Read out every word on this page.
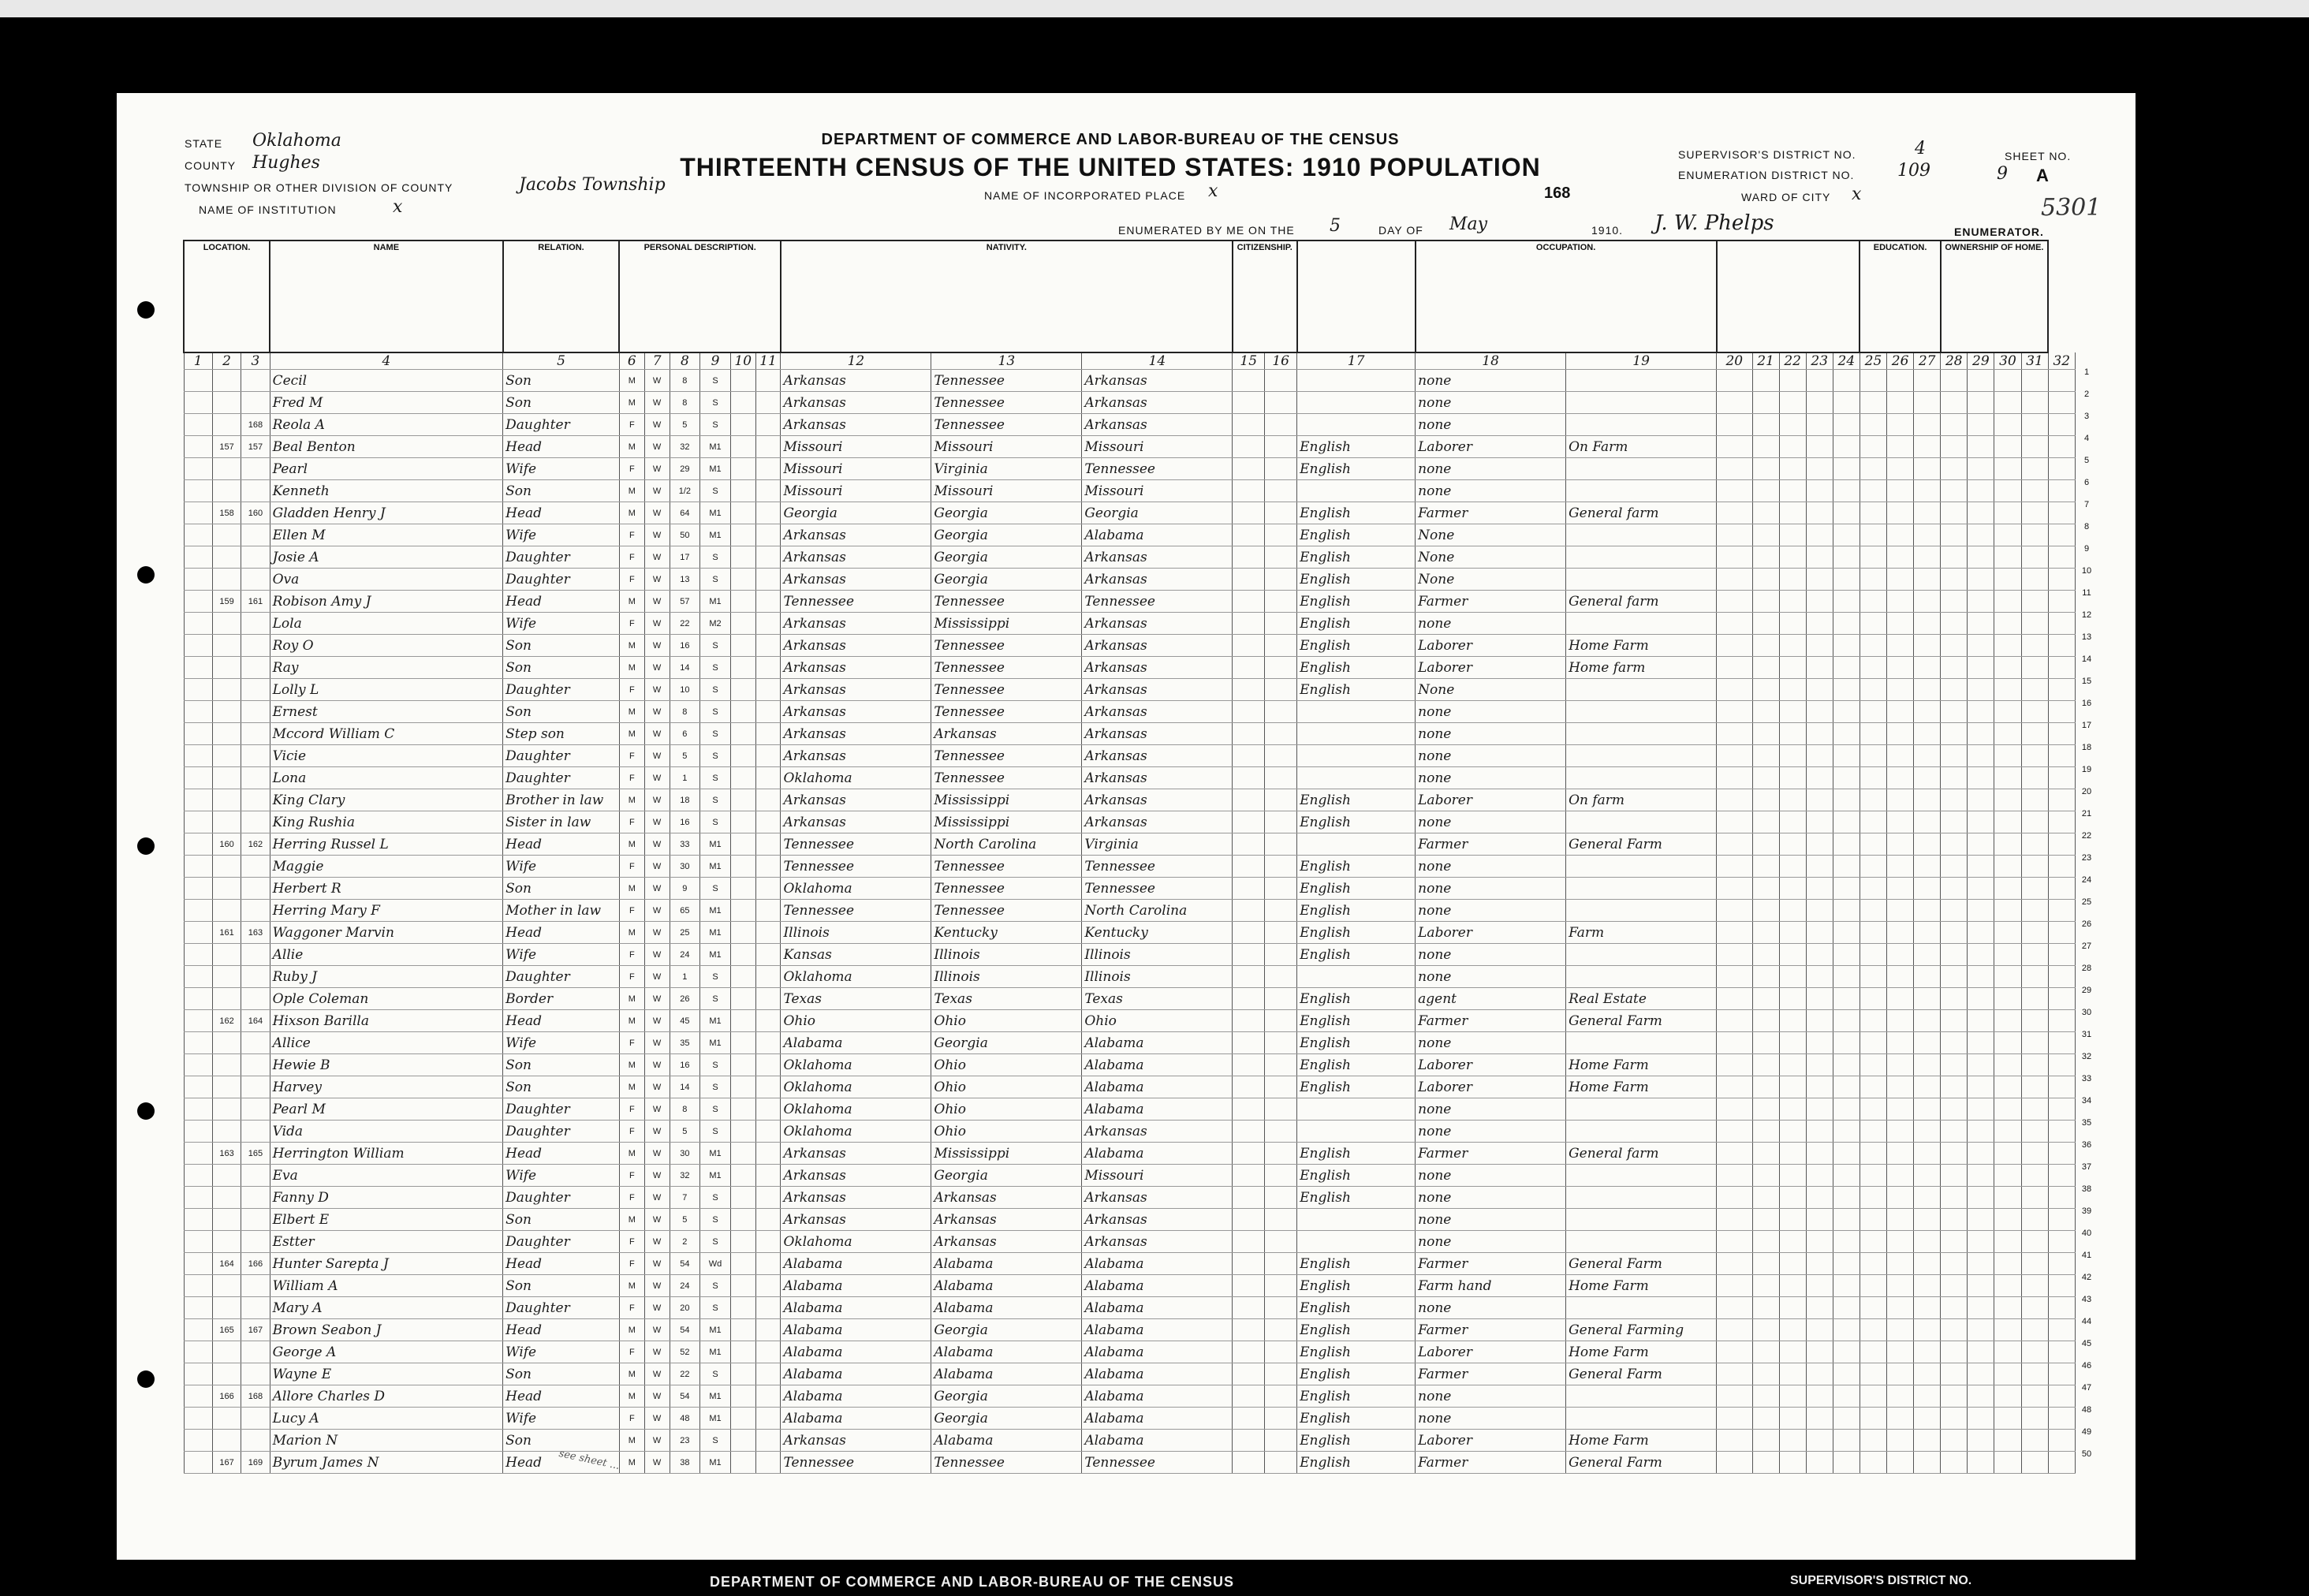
STATE Oklahoma
COUNTY Hughes
TOWNSHIP OR OTHER DIVISION OF COUNTY	Jacobs Township
NAME OF INSTITUTION	x
DEPARTMENT OF COMMERCE AND LABOR-BUREAU OF THE CENSUS
THIRTEENTH CENSUS OF THE UNITED STATES: 1910 POPULATION
NAME OF INCORPORATED PLACE x	168
SUPERVISOR'S DISTRICT NO.	4	SHEET NO.
ENUMERATION DISTRICT NO. 109	9 A
WARD OF CITY x	5301
ENUMERATED BY ME ON THE 5	DAY OF May	1910. J. W. Phelps	ENUMERATOR.
LOCATION.			NAME	RELATION.	PERSONAL DESCRIPTION.						NATIVITY.			CITIZENSHIP.			OCCUPATION.							EDUCATION.			OWNERSHIP OF HOME.				
1	2	3	4	5	6	7	8	9	10	11	12	13	14	15	16	17	18	19	20	21	22	23	24	25	26	27	28	29	30	31	32
			Cecil	Son	M	W	8	S			Arkansas	Tennessee	Arkansas				none														
			Fred M	Son	M	W	8	S			Arkansas	Tennessee	Arkansas				none														
		168	Reola A	Daughter	F	W	5	S			Arkansas	Tennessee	Arkansas				none														
	157	157	Beal Benton	Head	M	W	32	M1			Missouri	Missouri	Missouri			English	Laborer	On Farm													
			Pearl	Wife	F	W	29	M1			Missouri	Virginia	Tennessee			English	none														
			Kenneth	Son	M	W	1/2	S			Missouri	Missouri	Missouri				none														
	158	160	Gladden Henry J	Head	M	W	64	M1			Georgia	Georgia	Georgia			English	Farmer	General farm													
			Ellen M	Wife	F	W	50	M1			Arkansas	Georgia	Alabama			English	None														
			Josie A	Daughter	F	W	17	S			Arkansas	Georgia	Arkansas			English	None														
			Ova	Daughter	F	W	13	S			Arkansas	Georgia	Arkansas			English	None														
	159	161	Robison Amy J	Head	M	W	57	M1			Tennessee	Tennessee	Tennessee			English	Farmer	General farm													
			Lola	Wife	F	W	22	M2			Arkansas	Mississippi	Arkansas			English	none														
			Roy O	Son	M	W	16	S			Arkansas	Tennessee	Arkansas			English	Laborer	Home Farm													
			Ray	Son	M	W	14	S			Arkansas	Tennessee	Arkansas			English	Laborer	Home farm													
			Lolly L	Daughter	F	W	10	S			Arkansas	Tennessee	Arkansas			English	None														
			Ernest	Son	M	W	8	S			Arkansas	Tennessee	Arkansas				none														
			Mccord William C	Step son	M	W	6	S			Arkansas	Arkansas	Arkansas				none														
			Vicie	Daughter	F	W	5	S			Arkansas	Tennessee	Arkansas				none														
			Lona	Daughter	F	W	1	S			Oklahoma	Tennessee	Arkansas				none														
			King Clary	Brother in law	M	W	18	S			Arkansas	Mississippi	Arkansas			English	Laborer	On farm													
			King Rushia	Sister in law	F	W	16	S			Arkansas	Mississippi	Arkansas			English	none														
	160	162	Herring Russel L	Head	M	W	33	M1			Tennessee	North Carolina	Virginia				Farmer	General Farm													
			Maggie	Wife	F	W	30	M1			Tennessee	Tennessee	Tennessee			English	none														
			Herbert R	Son	M	W	9	S			Oklahoma	Tennessee	Tennessee			English	none														
			Herring Mary F	Mother in law	F	W	65	M1			Tennessee	Tennessee	North Carolina			English	none														
	161	163	Waggoner Marvin	Head	M	W	25	M1			Illinois	Kentucky	Kentucky			English	Laborer	Farm													
			Allie	Wife	F	W	24	M1			Kansas	Illinois	Illinois			English	none														
			Ruby J	Daughter	F	W	1	S			Oklahoma	Illinois	Illinois				none														
			Ople Coleman	Border	M	W	26	S			Texas	Texas	Texas			English	agent	Real Estate													
	162	164	Hixson Barilla	Head	M	W	45	M1			Ohio	Ohio	Ohio			English	Farmer	General Farm													
			Allice	Wife	F	W	35	M1			Alabama	Georgia	Alabama			English	none														
			Hewie B	Son	M	W	16	S			Oklahoma	Ohio	Alabama			English	Laborer	Home Farm													
			Harvey	Son	M	W	14	S			Oklahoma	Ohio	Alabama			English	Laborer	Home Farm													
			Pearl M	Daughter	F	W	8	S			Oklahoma	Ohio	Alabama				none														
			Vida	Daughter	F	W	5	S			Oklahoma	Ohio	Arkansas				none														
	163	165	Herrington William	Head	M	W	30	M1			Arkansas	Mississippi	Alabama			English	Farmer	General farm													
			Eva	Wife	F	W	32	M1			Arkansas	Georgia	Missouri			English	none														
			Fanny D	Daughter	F	W	7	S			Arkansas	Arkansas	Arkansas			English	none														
			Elbert E	Son	M	W	5	S			Arkansas	Arkansas	Arkansas				none														
			Estter	Daughter	F	W	2	S			Oklahoma	Arkansas	Arkansas				none														
	164	166	Hunter Sarepta J	Head	F	W	54	Wd			Alabama	Alabama	Alabama			English	Farmer	General Farm													
			William A	Son	M	W	24	S			Alabama	Alabama	Alabama			English	Farm hand	Home Farm													
			Mary A	Daughter	F	W	20	S			Alabama	Alabama	Alabama			English	none														
	165	167	Brown Seabon J	Head	M	W	54	M1			Alabama	Georgia	Alabama			English	Farmer	General Farming													
			George A	Wife	F	W	52	M1			Alabama	Alabama	Alabama			English	Laborer	Home Farm													
			Wayne E	Son	M	W	22	S			Alabama	Alabama	Alabama			English	Farmer	General Farm													
	166	168	Allore Charles D	Head	M	W	54	M1			Alabama	Georgia	Alabama			English	none														
			Lucy A	Wife	F	W	48	M1			Alabama	Georgia	Alabama			English	none														
			Marion N	Son	M	W	23	S			Arkansas	Alabama	Alabama			English	Laborer	Home Farm													
	167	169	Byrum James N	Head	M	W	38	M1			Tennessee	Tennessee	Tennessee			English	Farmer	General Farm													
see sheet ...
1
2
3
4
5
6
7
8
9
10
11
12
13
14
15
16
17
18
19
20
21
22
23
24
25
26
27
28
29
30
31
32
33
34
35
36
37
38
39
40
41
42
43
44
45
46
47
48
49
50
DEPARTMENT OF COMMERCE AND LABOR-BUREAU OF THE CENSUS	SUPERVISOR'S DISTRICT NO.
